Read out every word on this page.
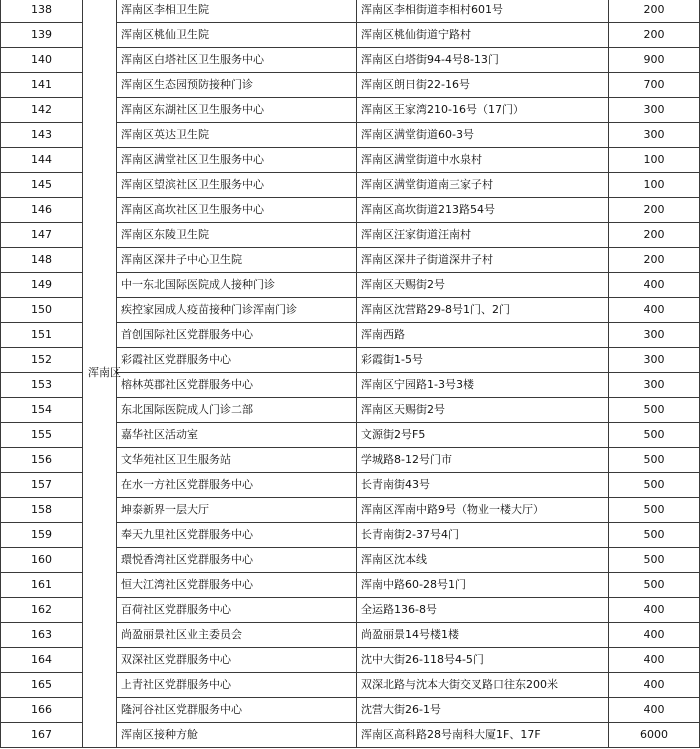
138	浑南区	浑南区李相卫生院	浑南区李相街道李相村601号	200
139		浑南区桃仙卫生院	浑南区桃仙街道宁路村	200
140		浑南区白塔社区卫生服务中心	浑南区白塔街94-4号8-13门	900
141		浑南区生态园预防接种门诊	浑南区朗日街22-16号	700
142		浑南区东湖社区卫生服务中心	浑南区王家湾210-16号（17门）	300
143		浑南区英达卫生院	浑南区满堂街道60-3号	300
144		浑南区满堂社区卫生服务中心	浑南区满堂街道中水泉村	100
145		浑南区望滨社区卫生服务中心	浑南区满堂街道南三家子村	100
146		浑南区高坎社区卫生服务中心	浑南区高坎街道213路54号	200
147		浑南区东陵卫生院	浑南区汪家街道汪南村	200
148		浑南区深井子中心卫生院	浑南区深井子街道深井子村	200
149		中一东北国际医院成人接种门诊	浑南区天赐街2号	400
150		疾控家园成人疫苗接种门诊浑南门诊	浑南区沈营路29-8号1门、2门	400
151		首创国际社区党群服务中心	浑南西路	300
152		彩霞社区党群服务中心	彩霞街1-5号	300
153		榕林英郡社区党群服务中心	浑南区宁园路1-3号3楼	300
154		东北国际医院成人门诊二部	浑南区天赐街2号	500
155		嘉华社区活动室	文源街2号F5	500
156		文华苑社区卫生服务站	学城路8-12号门市	500
157		在水一方社区党群服务中心	长青南街43号	500
158		坤泰新界一层大厅	浑南区浑南中路9号（物业一楼大厅）	500
159		奉天九里社区党群服务中心	长青南街2-37号4门	500
160		環悦香湾社区党群服务中心	浑南区沈本线	500
161		恒大江湾社区党群服务中心	浑南中路60-28号1门	500
162		百荷社区党群服务中心	全运路136-8号	400
163		尚盈丽景社区业主委员会	尚盈丽景14号楼1楼	400
164		双深社区党群服务中心	沈中大街26-118号4-5门	400
165		上青社区党群服务中心	双深北路与沈本大街交叉路口往东200米	400
166		隆河谷社区党群服务中心	沈营大街26-1号	400
167		浑南区接种方舱	浑南区高科路28号南科大厦1F、17F	6000
